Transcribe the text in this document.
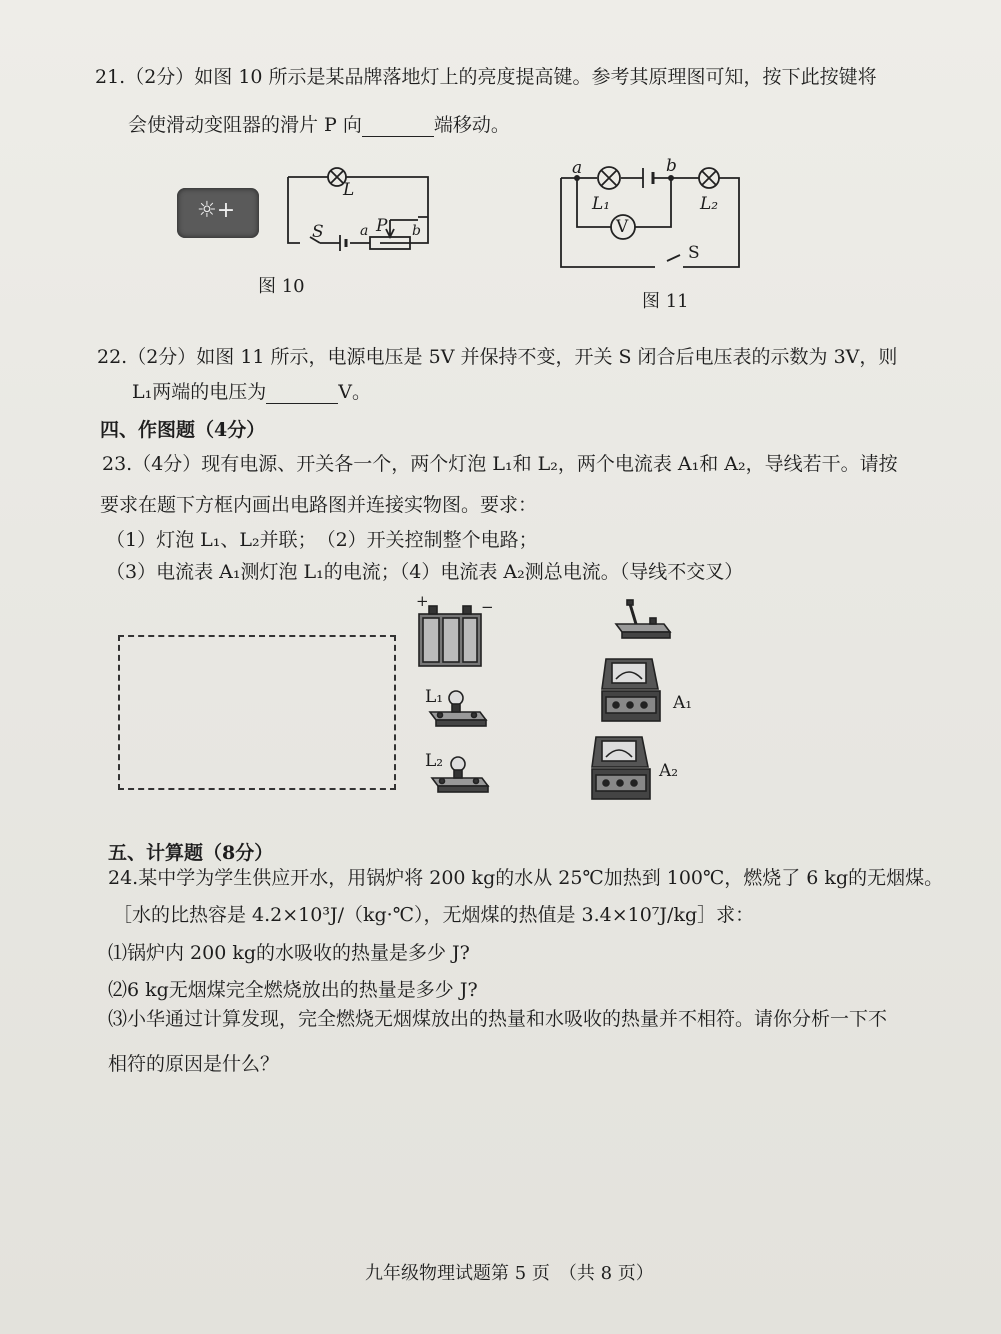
21.（2分）如图 10 所示是某品牌落地灯上的亮度提高键。参考其原理图可知，按下此按键将
会使滑动变阻器的滑片 P 向	端移动。
☼+
L
S	P
a	b
图 10
a	b
L₁	L₂
V
S
图 11
22.（2分）如图 11 所示，电源电压是 5V 并保持不变，开关 S 闭合后电压表的示数为 3V，则
L₁两端的电压为	V。
四、作图题（4分）
23.（4分）现有电源、开关各一个，两个灯泡 L₁和 L₂，两个电流表 A₁和 A₂，导线若干。请按
要求在题下方框内画出电路图并连接实物图。要求：
（1）灯泡 L₁、L₂并联；　（2）开关控制整个电路；
（3）电流表 A₁测灯泡 L₁的电流；（4）电流表 A₂测总电流。（导线不交叉）
+	−
L₁
L₂
A₁
A₂
五、计算题（8分）
24.某中学为学生供应开水，用锅炉将 200 kg的水从 25℃加热到 100℃，燃烧了 6 kg的无烟煤。
［水的比热容是 4.2×10³J/（kg·℃），无烟煤的热值是 3.4×10⁷J/kg］求：
⑴锅炉内 200 kg的水吸收的热量是多少 J?
⑵6 kg无烟煤完全燃烧放出的热量是多少 J?
⑶小华通过计算发现，完全燃烧无烟煤放出的热量和水吸收的热量并不相符。请你分析一下不
相符的原因是什么？
九年级物理试题第 5 页　（共 8 页）
